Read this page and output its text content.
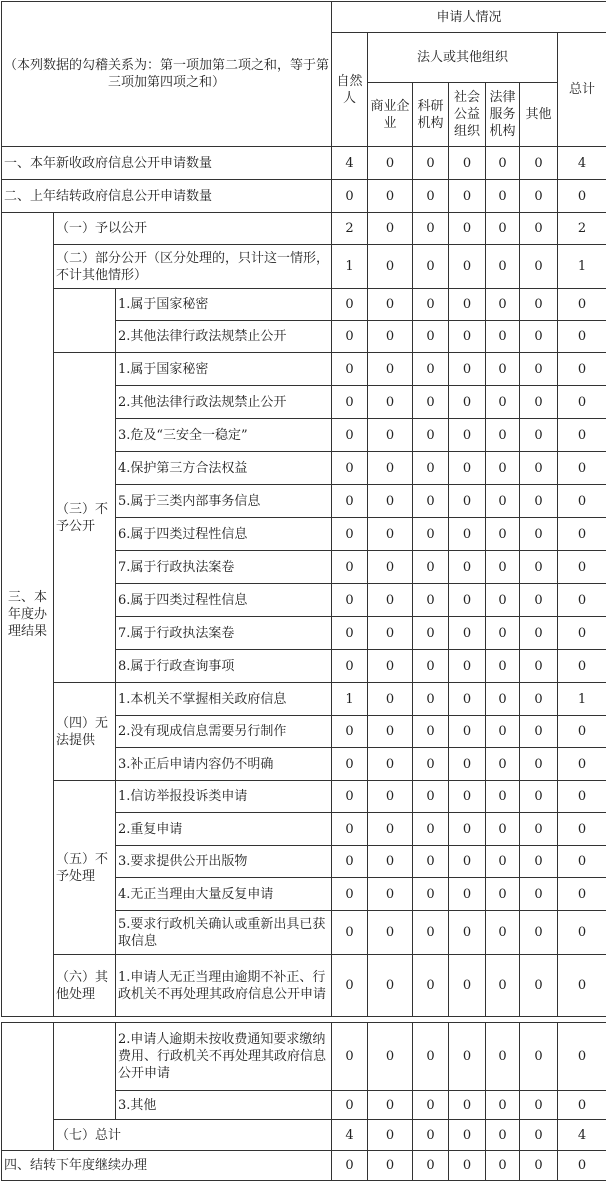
（本列数据的勾稽关系为：第一项加第二项之和，等于第三项加第四项之和）			申请人情况						
			自然人	法人或其他组织					总计
				商业企业	科研机构	社会公益组织	法律服务机构	其他	
一、本年新收政府信息公开申请数量			4	0	0	0	0	0	4
二、上年结转政府信息公开申请数量			0	0	0	0	0	0	0
三、本年度办理结果	（一）予以公开		2	0	0	0	0	0	2
	（二）部分公开（区分处理的，只计这一情形，不计其他情形）		1	0	0	0	0	0	1
		1.属于国家秘密	0	0	0	0	0	0	0
		2.其他法律行政法规禁止公开	0	0	0	0	0	0	0
	（三）不予公开	1.属于国家秘密	0	0	0	0	0	0	0
		2.其他法律行政法规禁止公开	0	0	0	0	0	0	0
		3.危及“三安全一稳定”	0	0	0	0	0	0	0
		4.保护第三方合法权益	0	0	0	0	0	0	0
		5.属于三类内部事务信息	0	0	0	0	0	0	0
		6.属于四类过程性信息	0	0	0	0	0	0	0
		7.属于行政执法案卷	0	0	0	0	0	0	0
		6.属于四类过程性信息	0	0	0	0	0	0	0
		7.属于行政执法案卷	0	0	0	0	0	0	0
		8.属于行政查询事项	0	0	0	0	0	0	0
	（四）无法提供	1.本机关不掌握相关政府信息	1	0	0	0	0	0	1
		2.没有现成信息需要另行制作	0	0	0	0	0	0	0
		3.补正后申请内容仍不明确	0	0	0	0	0	0	0
	（五）不予处理	1.信访举报投诉类申请	0	0	0	0	0	0	0
		2.重复申请	0	0	0	0	0	0	0
		3.要求提供公开出版物	0	0	0	0	0	0	0
		4.无正当理由大量反复申请	0	0	0	0	0	0	0
		5.要求行政机关确认或重新出具已获取信息	0	0	0	0	0	0	0
	（六）其他处理	1.申请人无正当理由逾期不补正、行政机关不再处理其政府信息公开申请	0	0	0	0	0	0	0
		2.申请人逾期未按收费通知要求缴纳费用、行政机关不再处理其政府信息公开申请	0	0	0	0	0	0	0
		3.其他	0	0	0	0	0	0	0
	（七）总计		4	0	0	0	0	0	4
四、结转下年度继续办理			0	0	0	0	0	0	0
